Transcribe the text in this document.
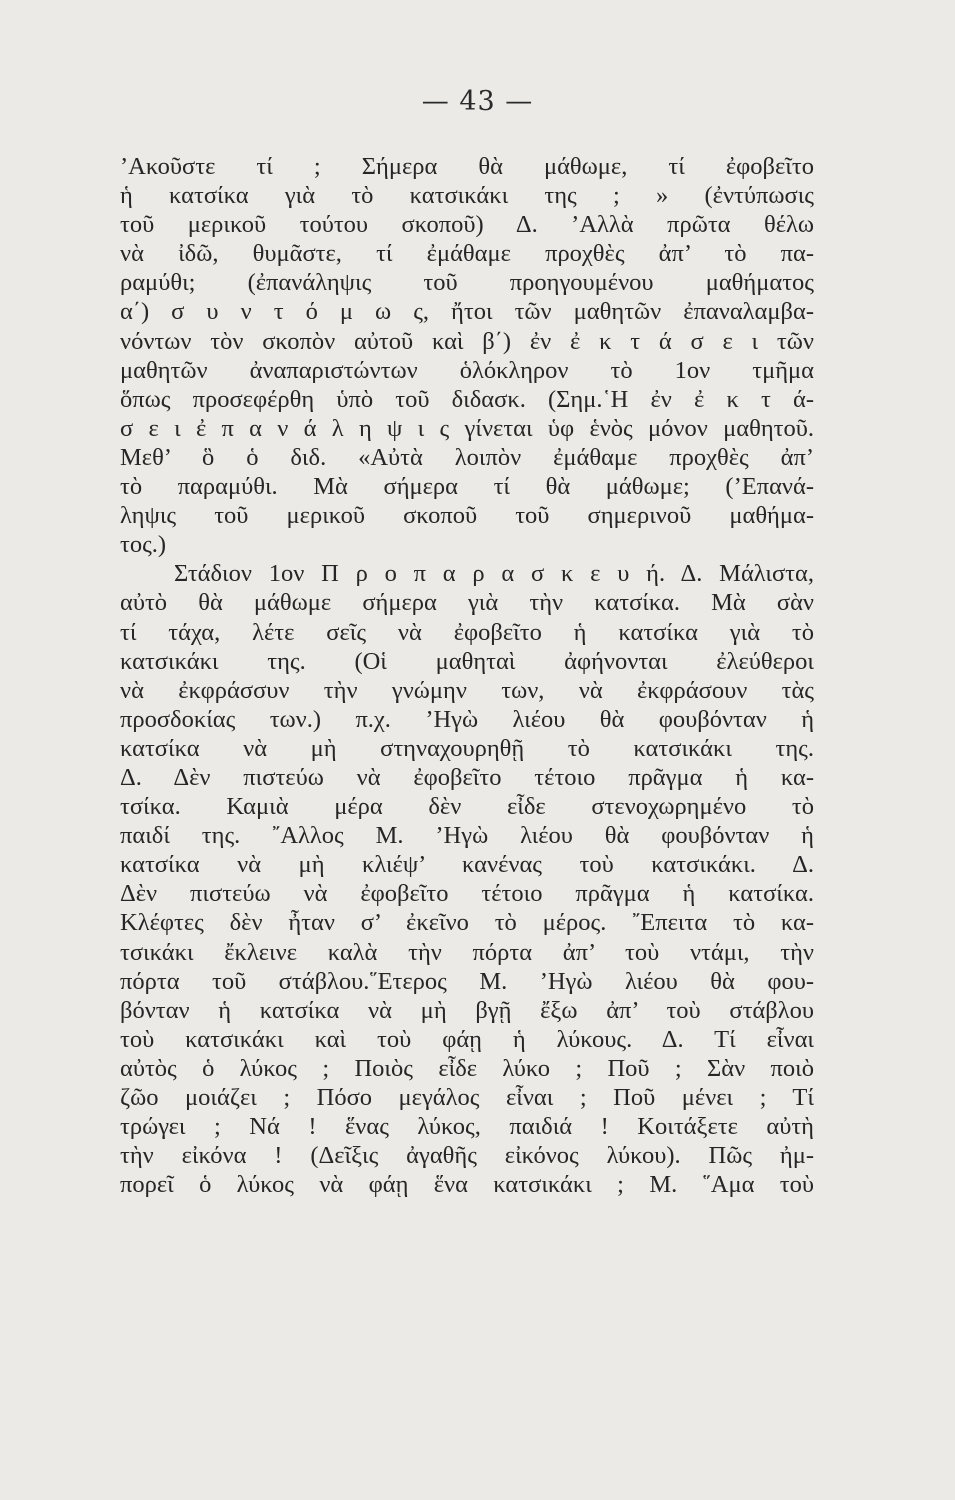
— 43 —
’Ακοῦστε τί ; Σήμερα θὰ μάθωμε, τί ἐφοβεῖτο
ἡ κατσίκα γιὰ τὸ κατσικάκι της ; » (ἐντύπωσις
τοῦ μερικοῦ τούτου σκοποῦ) Δ. ’Αλλὰ πρῶτα θέλω
νὰ ἰδῶ, θυμᾶστε, τί ἐμάθαμε προχθὲς ἀπ’ τὸ πα-
ραμύθι; (ἐπανάληψις τοῦ προηγουμένου μαθήματος
α΄) σ υ ν τ ό μ ω ς, ἤτοι τῶν μαθητῶν ἐπαναλαμβα-
νόντων τὸν σκοπὸν αὐτοῦ καὶ β΄) ἐν ἐ κ τ ά σ ε ι τῶν
μαθητῶν ἀναπαριστώντων ὁλόκληρον τὸ 1ον τμῆμα
ὅπως προσεφέρθη ὑπὸ τοῦ διδασκ. (Σημ.῾Η ἐν ἐ κ τ ά-
σ ε ι ἐ π α ν ά λ η ψ ι ς γίνεται ὑφ ἑνὸς μόνον μαθητοῦ.
Μεθ’ ὃ ὁ διδ. «Αὐτὰ λοιπὸν ἐμάθαμε προχθὲς ἀπ’
τὸ παραμύθι. Μὰ σήμερα τί θὰ μάθωμε; (’Επανά-
ληψις τοῦ μερικοῦ σκοποῦ τοῦ σημερινοῦ μαθήμα-
τος.)
Στάδιον 1ον Π ρ ο π α ρ α σ κ ε υ ή. Δ. Μάλιστα,
αὐτὸ θὰ μάθωμε σήμερα γιὰ τὴν κατσίκα. Μὰ σὰν
τί τάχα, λέτε σεῖς νὰ ἐφοβεῖτο ἡ κατσίκα γιὰ τὸ
κατσικάκι της. (Οἱ μαθηταὶ ἀφήνονται ἐλεύθεροι
νὰ ἐκφράσσυν τὴν γνώμην των, νὰ ἐκφράσουν τὰς
προσδοκίας των.) π.χ. ’Ηγὼ λιέου θὰ φουβόνταν ἡ
κατσίκα νὰ μὴ στηναχουρηθῇ τὸ κατσικάκι της.
Δ. Δὲν πιστεύω νὰ ἐφοβεῖτο τέτοιο πρᾶγμα ἡ κα-
τσίκα. Καμιὰ μέρα δὲν εἶδε στενοχωρημένο τὸ
παιδί της. ῎Αλλος Μ. ’Ηγὼ λιέου θὰ φουβόνταν ἡ
κατσίκα νὰ μὴ κλιέψ’ κανένας τοὺ κατσικάκι. Δ.
Δὲν πιστεύω νὰ ἐφοβεῖτο τέτοιο πρᾶγμα ἡ κατσίκα.
Κλέφτες δὲν ἦταν σ’ ἐκεῖνο τὸ μέρος. ῎Επειτα τὸ κα-
τσικάκι ἔκλεινε καλὰ τὴν πόρτα ἀπ’ τοὺ ντάμι, τὴν
πόρτα τοῦ στάβλου.῞Ετερος Μ. ’Ηγὼ λιέου θὰ φου-
βόνταν ἡ κατσίκα νὰ μὴ βγῇ ἔξω ἀπ’ τοὺ στάβλου
τοὺ κατσικάκι καὶ τοὺ φάῃ ἡ λύκους. Δ. Τί εἶναι
αὐτὸς ὁ λύκος ; Ποιὸς εἶδε λύκο ; Ποῦ ; Σὰν ποιὸ
ζῶο μοιάζει ; Πόσο μεγάλος εἶναι ; Ποῦ μένει ; Τί
τρώγει ; Νά ! ἕνας λύκος, παιδιά ! Κοιτάξετε αὐτὴ
τὴν εἰκόνα ! (Δεῖξις ἀγαθῆς εἰκόνος λύκου). Πῶς ἠμ-
πορεῖ ὁ λύκος νὰ φάῃ ἕνα κατσικάκι ; Μ. ῞Αμα τοὺ
